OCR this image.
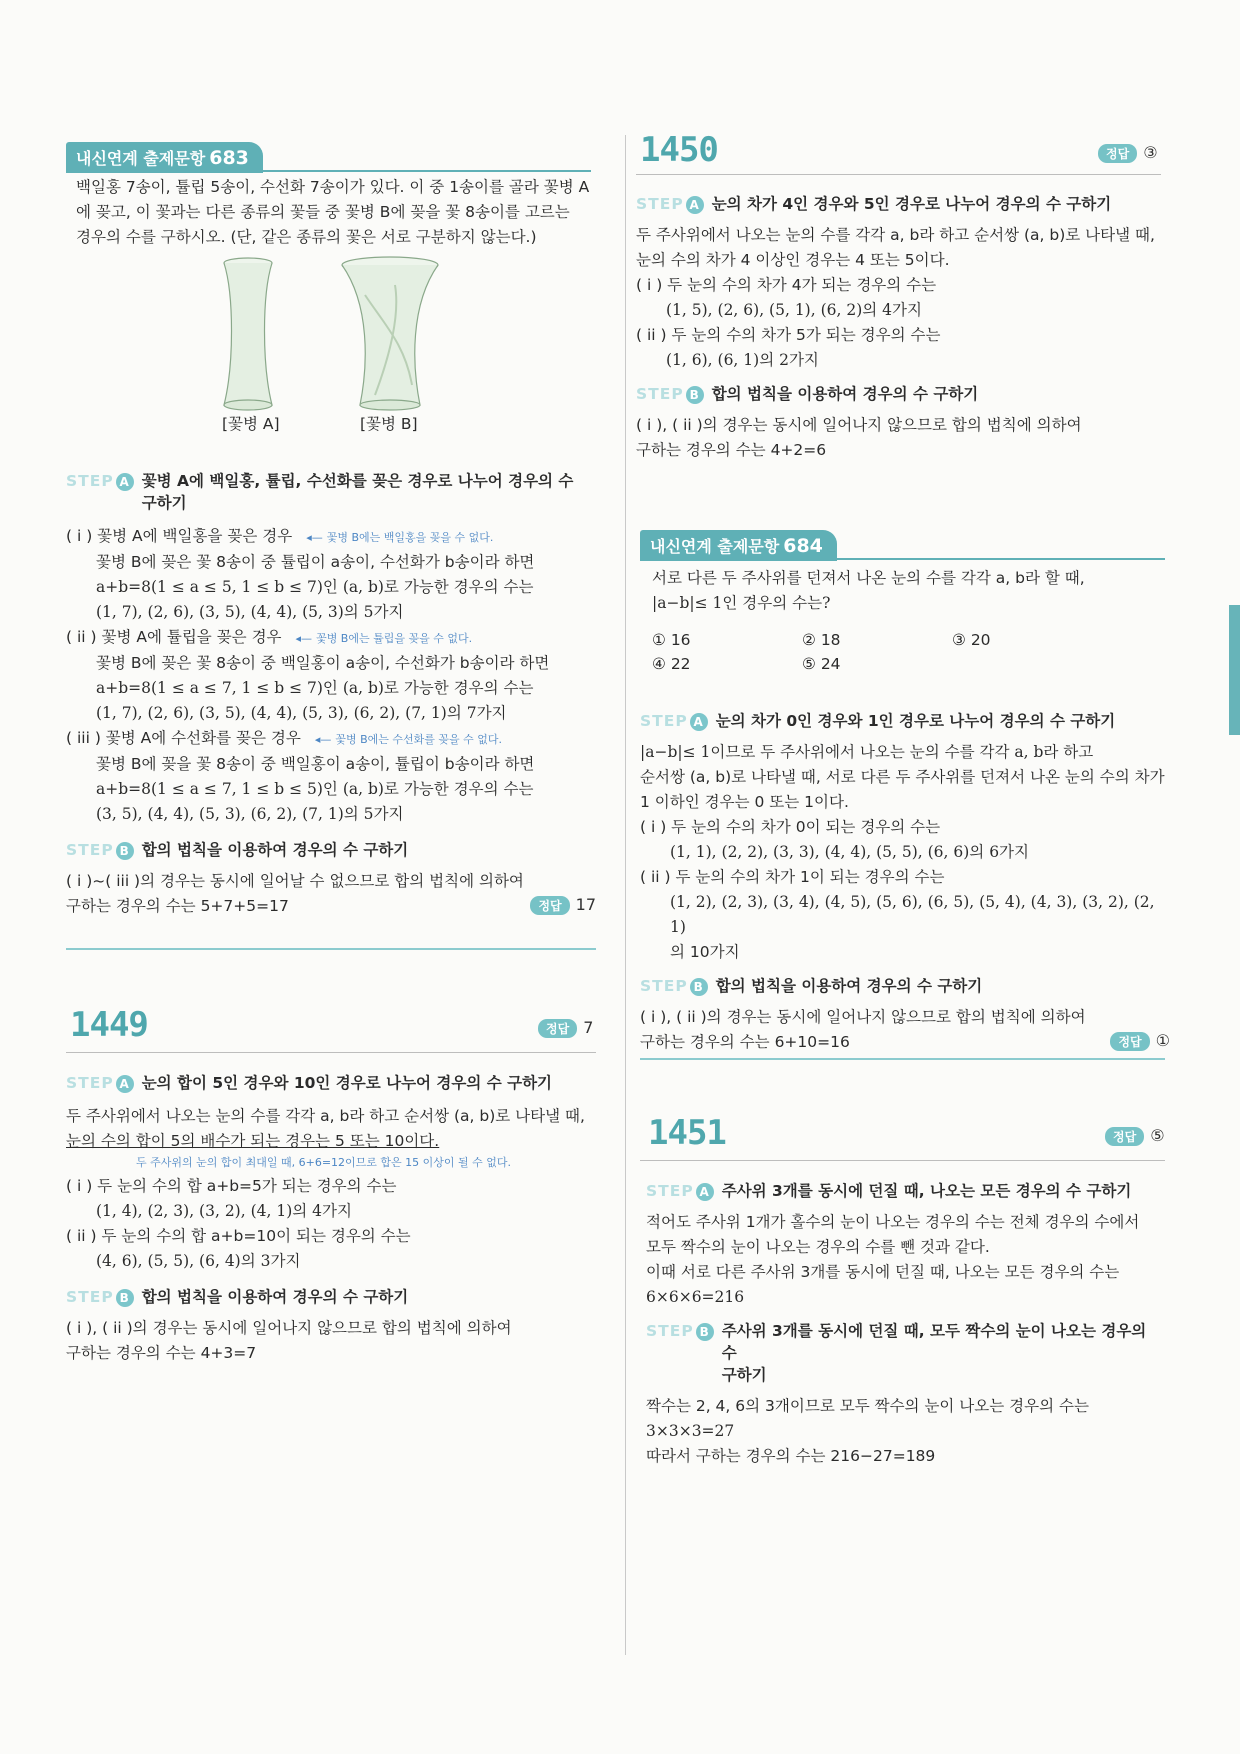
내신연계 출제문항 683

백일홍 7송이, 튤립 5송이, 수선화 7송이가 있다. 이 중 1송이를 골라 꽃병 A

에 꽂고, 이 꽃과는 다른 종류의 꽃들 중 꽃병 B에 꽂을 꽃 8송이를 고르는

경우의 수를 구하시오. (단, 같은 종류의 꽃은 서로 구분하지 않는다.)

[꽃병 A]	[꽃병 B]
STEP A 꽃병 A에 백일홍, 튤립, 수선화를 꽂은 경우로 나누어 경우의 수
구하기

( i ) 꽃병 A에 백일홍을 꽂은 경우 ◂— 꽃병 B에는 백일홍을 꽂을 수 없다.

꽃병 B에 꽂은 꽃 8송이 중 튤립이 a송이, 수선화가 b송이라 하면

a+b=8(1 ≤ a ≤ 5, 1 ≤ b ≤ 7)인 (a, b)로 가능한 경우의 수는

(1, 7), (2, 6), (3, 5), (4, 4), (5, 3)의 5가지

( ii ) 꽃병 A에 튤립을 꽂은 경우 ◂— 꽃병 B에는 튤립을 꽂을 수 없다.

꽃병 B에 꽂은 꽃 8송이 중 백일홍이 a송이, 수선화가 b송이라 하면

a+b=8(1 ≤ a ≤ 7, 1 ≤ b ≤ 7)인 (a, b)로 가능한 경우의 수는

(1, 7), (2, 6), (3, 5), (4, 4), (5, 3), (6, 2), (7, 1)의 7가지

( iii ) 꽃병 A에 수선화를 꽂은 경우 ◂— 꽃병 B에는 수선화를 꽂을 수 없다.

꽃병 B에 꽂을 꽃 8송이 중 백일홍이 a송이, 튤립이 b송이라 하면

a+b=8(1 ≤ a ≤ 7, 1 ≤ b ≤ 5)인 (a, b)로 가능한 경우의 수는

(3, 5), (4, 4), (5, 3), (6, 2), (7, 1)의 5가지

STEP B 합의 법칙을 이용하여 경우의 수 구하기

( i )~( iii )의 경우는 동시에 일어날 수 없으므로 합의 법칙에 의하여

구하는 경우의 수는 5+7+5=17	정답 17
1449	정답 7
STEP A 눈의 합이 5인 경우와 10인 경우로 나누어 경우의 수 구하기

두 주사위에서 나오는 눈의 수를 각각 a, b라 하고 순서쌍 (a, b)로 나타낼 때,

눈의 수의 합이 5의 배수가 되는 경우는 5 또는 10이다.

두 주사위의 눈의 합이 최대일 때, 6+6=12이므로 합은 15 이상이 될 수 없다.

( i ) 두 눈의 수의 합 a+b=5가 되는 경우의 수는

(1, 4), (2, 3), (3, 2), (4, 1)의 4가지

( ii ) 두 눈의 수의 합 a+b=10이 되는 경우의 수는

(4, 6), (5, 5), (6, 4)의 3가지

STEP B 합의 법칙을 이용하여 경우의 수 구하기

( i ), ( ii )의 경우는 동시에 일어나지 않으므로 합의 법칙에 의하여

구하는 경우의 수는 4+3=7

1450	정답 ③
STEP A 눈의 차가 4인 경우와 5인 경우로 나누어 경우의 수 구하기

두 주사위에서 나오는 눈의 수를 각각 a, b라 하고 순서쌍 (a, b)로 나타낼 때,

눈의 수의 차가 4 이상인 경우는 4 또는 5이다.

( i ) 두 눈의 수의 차가 4가 되는 경우의 수는

(1, 5), (2, 6), (5, 1), (6, 2)의 4가지

( ii ) 두 눈의 수의 차가 5가 되는 경우의 수는

(1, 6), (6, 1)의 2가지

STEP B 합의 법칙을 이용하여 경우의 수 구하기

( i ), ( ii )의 경우는 동시에 일어나지 않으므로 합의 법칙에 의하여

구하는 경우의 수는 4+2=6

내신연계 출제문항 684

서로 다른 두 주사위를 던져서 나온 눈의 수를 각각 a, b라 할 때,

|a−b|≤ 1인 경우의 수는?

① 16	② 18	③ 20
④ 22	⑤ 24
STEP A 눈의 차가 0인 경우와 1인 경우로 나누어 경우의 수 구하기

|a−b|≤ 1이므로 두 주사위에서 나오는 눈의 수를 각각 a, b라 하고

순서쌍 (a, b)로 나타낼 때, 서로 다른 두 주사위를 던져서 나온 눈의 수의 차가

1 이하인 경우는 0 또는 1이다.

( i ) 두 눈의 수의 차가 0이 되는 경우의 수는

(1, 1), (2, 2), (3, 3), (4, 4), (5, 5), (6, 6)의 6가지

( ii ) 두 눈의 수의 차가 1이 되는 경우의 수는

(1, 2), (2, 3), (3, 4), (4, 5), (5, 6), (6, 5), (5, 4), (4, 3), (3, 2), (2, 1)

의 10가지

STEP B 합의 법칙을 이용하여 경우의 수 구하기

( i ), ( ii )의 경우는 동시에 일어나지 않으므로 합의 법칙에 의하여

구하는 경우의 수는 6+10=16	정답 ①
1451	정답 ⑤
STEP A 주사위 3개를 동시에 던질 때, 나오는 모든 경우의 수 구하기

적어도 주사위 1개가 홀수의 눈이 나오는 경우의 수는 전체 경우의 수에서

모두 짝수의 눈이 나오는 경우의 수를 뺀 것과 같다.

이때 서로 다른 주사위 3개를 동시에 던질 때, 나오는 모든 경우의 수는

6×6×6=216

STEP B 주사위 3개를 동시에 던질 때, 모두 짝수의 눈이 나오는 경우의 수
구하기

짝수는 2, 4, 6의 3개이므로 모두 짝수의 눈이 나오는 경우의 수는

3×3×3=27

따라서 구하는 경우의 수는 216−27=189
